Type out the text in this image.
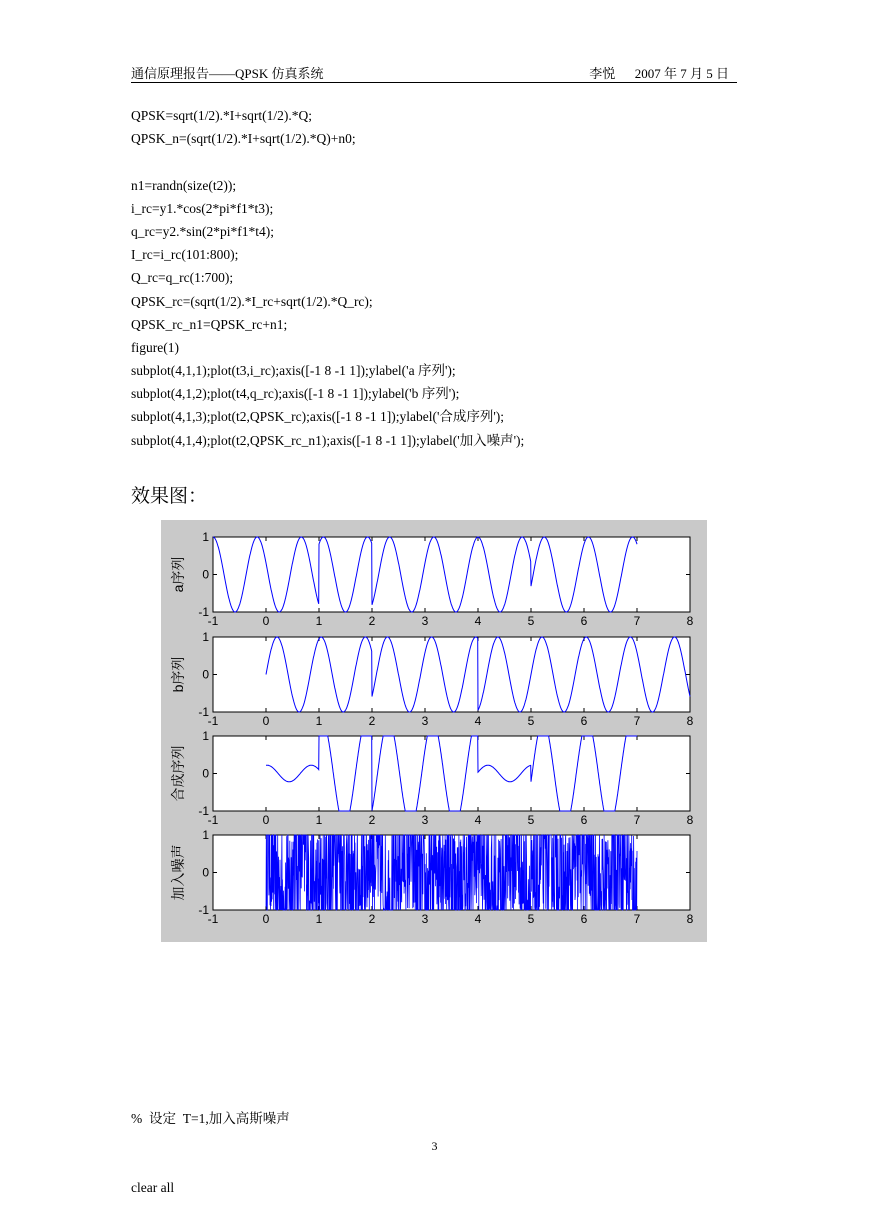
通信原理报告——QPSK 仿真系统	李悦      2007 年 7 月 5 日
QPSK=sqrt(1/2).*I+sqrt(1/2).*Q;
QPSK_n=(sqrt(1/2).*I+sqrt(1/2).*Q)+n0;
n1=randn(size(t2));
i_rc=y1.*cos(2*pi*f1*t3);
q_rc=y2.*sin(2*pi*f1*t4);
I_rc=i_rc(101:800);
Q_rc=q_rc(1:700);
QPSK_rc=(sqrt(1/2).*I_rc+sqrt(1/2).*Q_rc);
QPSK_rc_n1=QPSK_rc+n1;
figure(1)
subplot(4,1,1);plot(t3,i_rc);axis([-1 8 -1 1]);ylabel('a 序列');
subplot(4,1,2);plot(t4,q_rc);axis([-1 8 -1 1]);ylabel('b 序列');
subplot(4,1,3);plot(t2,QPSK_rc);axis([-1 8 -1 1]);ylabel('合成序列');
subplot(4,1,4);plot(t2,QPSK_rc_n1);axis([-1 8 -1 1]);ylabel('加入噪声');
效果图：
-1	0	1	2	3	4	5	6	7	8
1
0
-1
a序列
-1	0	1	2	3	4	5	6	7	8
1
0
-1
b序列
-1	0	1	2	3	4	5	6	7	8
1
0
-1
合成序列
-1	0	1	2	3	4	5	6	7	8
1
0
-1
加入噪声

%  设定  T=1,加入高斯噪声

clear all

3
